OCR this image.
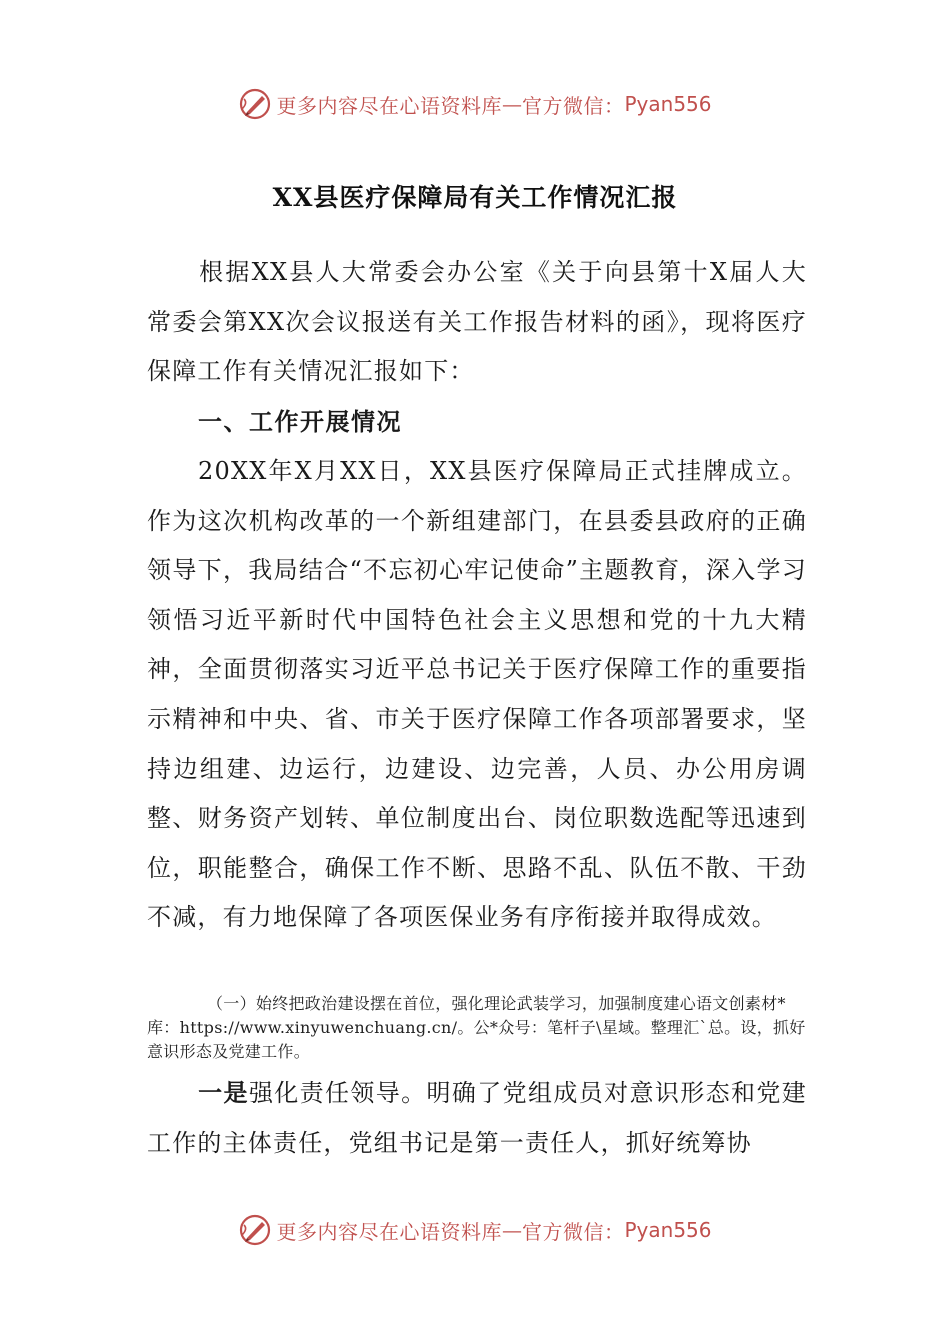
更多内容尽在心语资料库 — 官方微信： Pyan556
XX县医疗保障局有关工作情况汇报
根据XX县人大常委会办公室《关于向县第十X届人大常委会第XX次会议报送有关工作报告材料的函》，现将医疗保障工作有关情况汇报如下：
一、工作开展情况
20XX年X月XX日，XX县医疗保障局正式挂牌成立。作为这次机构改革的一个新组建部门，在县委县政府的正确领导下，我局结合“不忘初心牢记使命”主题教育，深入学习领悟习近平新时代中国特色社会主义思想和党的十九大精神，全面贯彻落实习近平总书记关于医疗保障工作的重要指示精神和中央、省、市关于医疗保障工作各项部署要求，坚持边组建、边运行，边建设、边完善，人员、办公用房调整、财务资产划转、单位制度出台、岗位职数选配等迅速到位，职能整合，确保工作不断、思路不乱、队伍不散、干劲不减，有力地保障了各项医保业务有序衔接并取得成效。
（一）始终把政治建设摆在首位，强化理论武装学习，加强制度建心语文创素材*库：https://www.xinyuwenchuang.cn/。公*众号：笔杆子\星域。整理汇`总。设，抓好意识形态及党建工作。
一是强化责任领导。明确了党组成员对意识形态和党建工作的主体责任，党组书记是第一责任人，抓好统筹协
更多内容尽在心语资料库 — 官方微信： Pyan556
